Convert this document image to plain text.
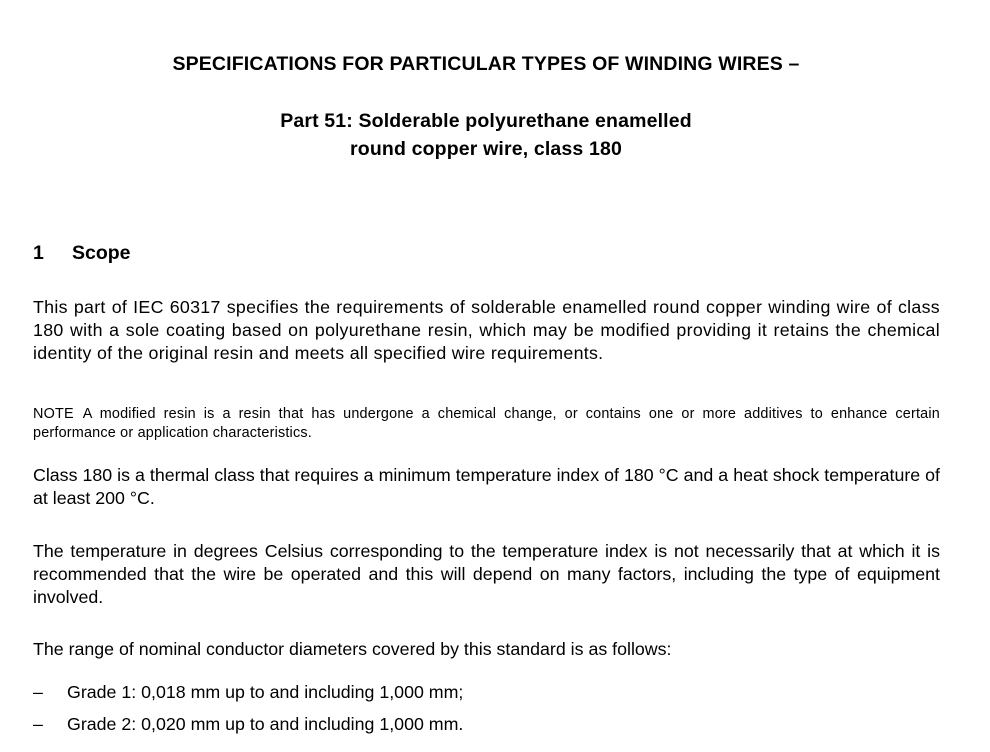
SPECIFICATIONS FOR PARTICULAR TYPES OF WINDING WIRES –

Part 51: Solderable polyurethane enamelled

round copper wire, class 180

1 Scope

This part of IEC 60317 specifies the requirements of solderable enamelled round copper winding wire of class 180 with a sole coating based on polyurethane resin, which may be modified providing it retains the chemical identity of the original resin and meets all specified wire requirements.

NOTE A modified resin is a resin that has undergone a chemical change, or contains one or more additives to enhance certain performance or application characteristics.

Class 180 is a thermal class that requires a minimum temperature index of 180 °C and a heat shock temperature of at least 200 °C.

The temperature in degrees Celsius corresponding to the temperature index is not necessarily that at which it is recommended that the wire be operated and this will depend on many factors, including the type of equipment involved.

The range of nominal conductor diameters covered by this standard is as follows:

– Grade 1: 0,018 mm up to and including 1,000 mm;

– Grade 2: 0,020 mm up to and including 1,000 mm.
